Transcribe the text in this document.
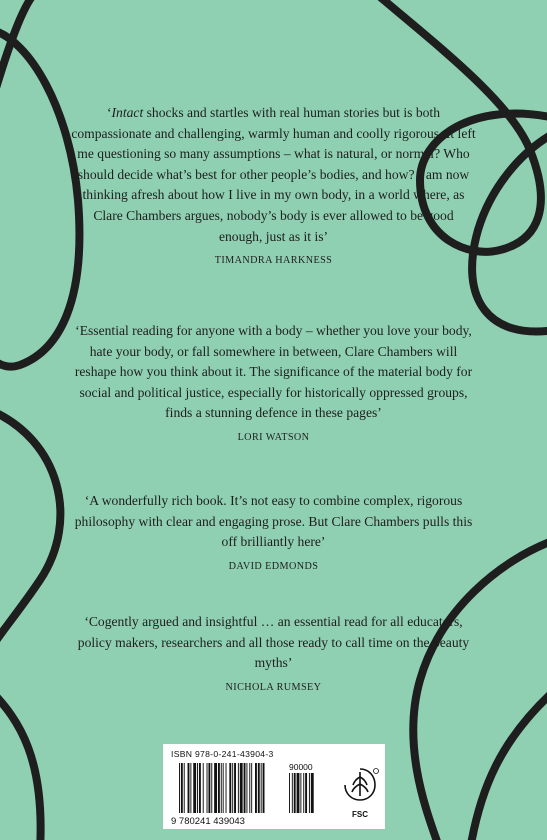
‘Intact shocks and startles with real human stories but is both compassionate and challenging, warmly human and coolly rigorous. It left me questioning so many assumptions – what is natural, or normal? Who should decide what’s best for other people’s bodies, and how? I am now thinking afresh about how I live in my own body, in a world where, as Clare Chambers argues, nobody’s body is ever allowed to be good enough, just as it is’
TIMANDRA HARKNESS
‘Essential reading for anyone with a body – whether you love your body, hate your body, or fall somewhere in between, Clare Chambers will reshape how you think about it. The significance of the material body for social and political justice, especially for historically oppressed groups, finds a stunning defence in these pages’
LORI WATSON
‘A wonderfully rich book. It’s not easy to combine complex, rigorous philosophy with clear and engaging prose. But Clare Chambers pulls this off brilliantly here’
DAVID EDMONDS
‘Cogently argued and insightful … an essential read for all educators, policy makers, researchers and all those ready to call time on the beauty myths’
NICHOLA RUMSEY
ISBN 978-0-241-43904-3
9 780241 439043
90000
FSC
